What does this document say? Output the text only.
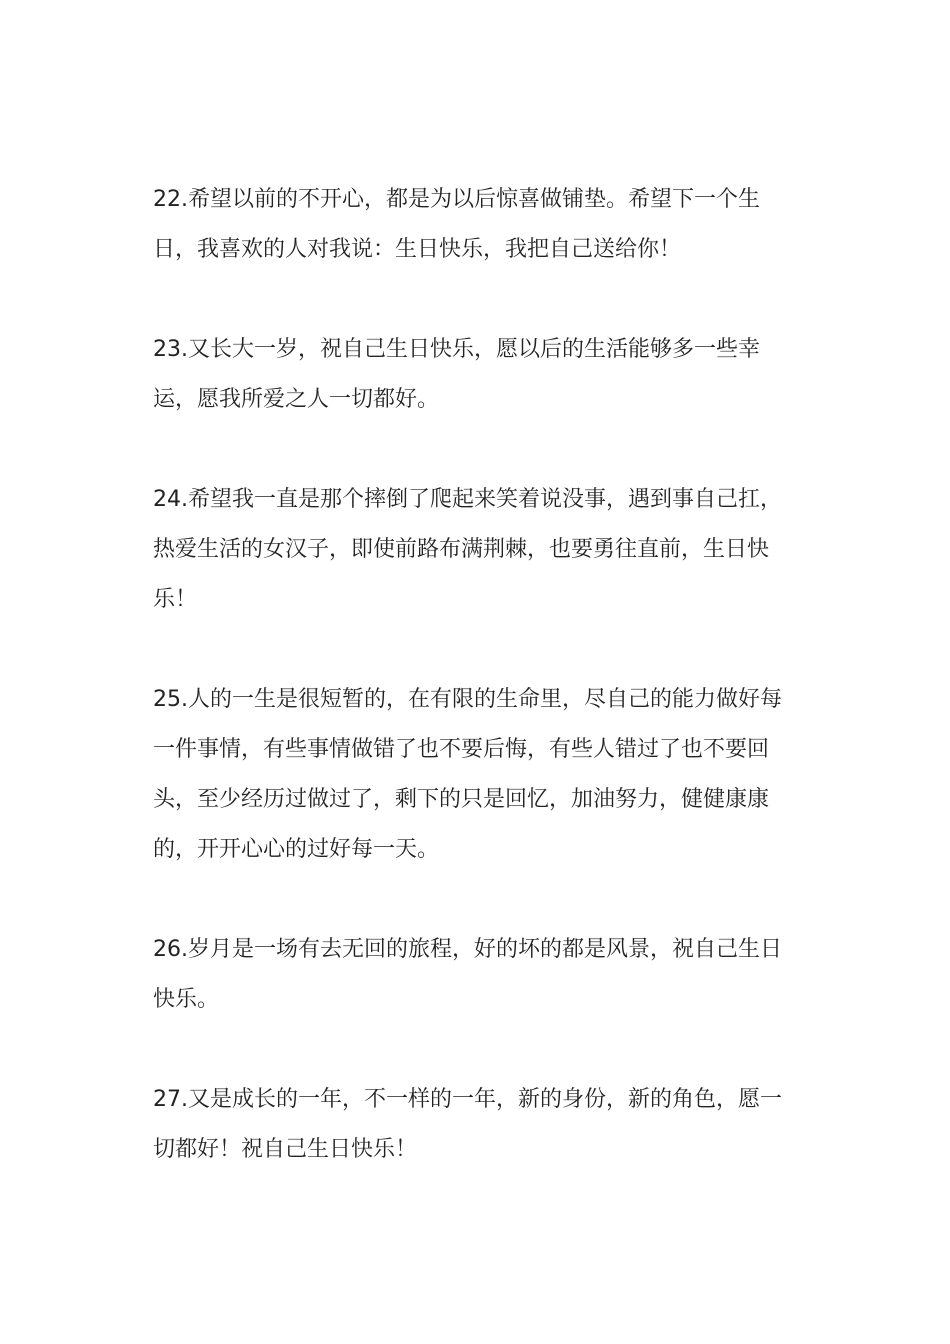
22.希望以前的不开心，都是为以后惊喜做铺垫。希望下一个生日，我喜欢的人对我说：生日快乐，我把自己送给你！

23.又长大一岁，祝自己生日快乐，愿以后的生活能够多一些幸运，愿我所爱之人一切都好。

24.希望我一直是那个摔倒了爬起来笑着说没事，遇到事自己扛，热爱生活的女汉子，即使前路布满荆棘，也要勇往直前，生日快乐！

25.人的一生是很短暂的，在有限的生命里，尽自己的能力做好每一件事情，有些事情做错了也不要后悔，有些人错过了也不要回头，至少经历过做过了，剩下的只是回忆，加油努力，健健康康的，开开心心的过好每一天。

26.岁月是一场有去无回的旅程，好的坏的都是风景，祝自己生日快乐。

27.又是成长的一年，不一样的一年，新的身份，新的角色，愿一切都好！祝自己生日快乐！
